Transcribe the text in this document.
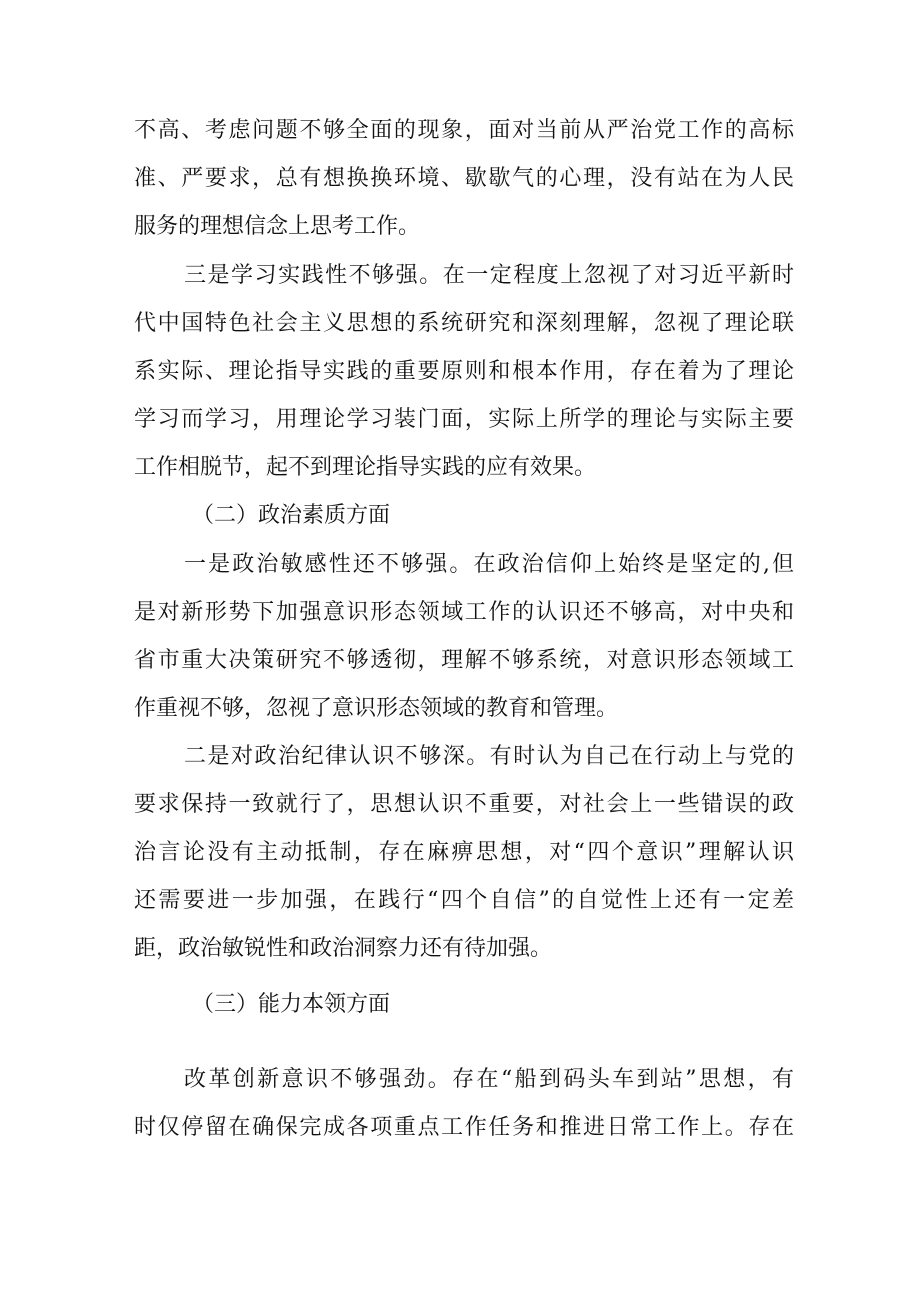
不高、考虑问题不够全面的现象，面对当前从严治党工作的高标
准、严要求，总有想换换环境、歇歇气的心理，没有站在为人民
服务的理想信念上思考工作。
三是学习实践性不够强。在一定程度上忽视了对习近平新时
代中国特色社会主义思想的系统研究和深刻理解，忽视了理论联
系实际、理论指导实践的重要原则和根本作用，存在着为了理论
学习而学习，用理论学习装门面，实际上所学的理论与实际主要
工作相脱节，起不到理论指导实践的应有效果。
（二）政治素质方面
一是政治敏感性还不够强。在政治信仰上始终是坚定的,但
是对新形势下加强意识形态领域工作的认识还不够高，对中央和
省市重大决策研究不够透彻，理解不够系统，对意识形态领域工
作重视不够，忽视了意识形态领域的教育和管理。
二是对政治纪律认识不够深。有时认为自己在行动上与党的
要求保持一致就行了，思想认识不重要，对社会上一些错误的政
治言论没有主动抵制，存在麻痹思想，对“四个意识”理解认识
还需要进一步加强，在践行“四个自信”的自觉性上还有一定差
距，政治敏锐性和政治洞察力还有待加强。
（三）能力本领方面
改革创新意识不够强劲。存在“船到码头车到站”思想，有
时仅停留在确保完成各项重点工作任务和推进日常工作上。存在
